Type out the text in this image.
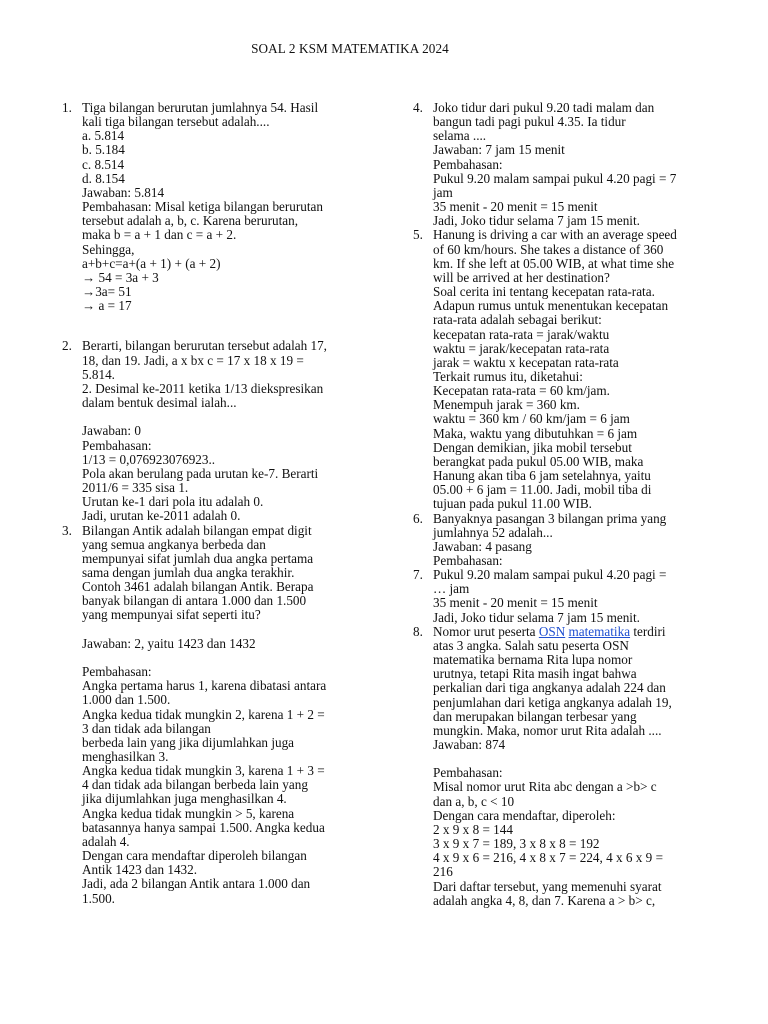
SOAL 2 KSM MATEMATIKA 2024
1. Tiga bilangan berurutan jumlahnya 54. Hasil
kali tiga bilangan tersebut adalah....
a. 5.814
b. 5.184
c. 8.514
d. 8.154
Jawaban: 5.814
Pembahasan: Misal ketiga bilangan berurutan
tersebut adalah a, b, c. Karena berurutan,
maka b = a + 1 dan c = a + 2.
Sehingga,
a+b+c=a+(a + 1) + (a + 2)
→ 54 = 3a + 3
→3a= 51
→ a = 17
2. Berarti, bilangan berurutan tersebut adalah 17,
18, dan 19. Jadi, a x bx c = 17 x 18 x 19 =
5.814.
2. Desimal ke-2011 ketika 1/13 diekspresikan
dalam bentuk desimal ialah...
Jawaban: 0
Pembahasan:
1/13 = 0,076923076923..
Pola akan berulang pada urutan ke-7. Berarti
2011/6 = 335 sisa 1.
Urutan ke-1 dari pola itu adalah 0.
Jadi, urutan ke-2011 adalah 0.
3. Bilangan Antik adalah bilangan empat digit
yang semua angkanya berbeda dan
mempunyai sifat jumlah dua angka pertama
sama dengan jumlah dua angka terakhir.
Contoh 3461 adalah bilangan Antik. Berapa
banyak bilangan di antara 1.000 dan 1.500
yang mempunyai sifat seperti itu?
Jawaban: 2, yaitu 1423 dan 1432
Pembahasan:
Angka pertama harus 1, karena dibatasi antara
1.000 dan 1.500.
Angka kedua tidak mungkin 2, karena 1 + 2 =
3 dan tidak ada bilangan
berbeda lain yang jika dijumlahkan juga
menghasilkan 3.
Angka kedua tidak mungkin 3, karena 1 + 3 =
4 dan tidak ada bilangan berbeda lain yang
jika dijumlahkan juga menghasilkan 4.
Angka kedua tidak mungkin > 5, karena
batasannya hanya sampai 1.500. Angka kedua
adalah 4.
Dengan cara mendaftar diperoleh bilangan
Antik 1423 dan 1432.
Jadi, ada 2 bilangan Antik antara 1.000 dan
1.500.
4. Joko tidur dari pukul 9.20 tadi malam dan
bangun tadi pagi pukul 4.35. Ia tidur
selama ....
Jawaban: 7 jam 15 menit
Pembahasan:
Pukul 9.20 malam sampai pukul 4.20 pagi = 7
jam
35 menit - 20 menit = 15 menit
Jadi, Joko tidur selama 7 jam 15 menit.
5. Hanung is driving a car with an average speed
of 60 km/hours. She takes a distance of 360
km. If she left at 05.00 WIB, at what time she
will be arrived at her destination?
Soal cerita ini tentang kecepatan rata-rata.
Adapun rumus untuk menentukan kecepatan
rata-rata adalah sebagai berikut:
kecepatan rata-rata = jarak/waktu
waktu = jarak/kecepatan rata-rata
jarak = waktu x kecepatan rata-rata
Terkait rumus itu, diketahui:
Kecepatan rata-rata = 60 km/jam.
Menempuh jarak = 360 km.
waktu = 360 km / 60 km/jam = 6 jam
Maka, waktu yang dibutuhkan = 6 jam
Dengan demikian, jika mobil tersebut
berangkat pada pukul 05.00 WIB, maka
Hanung akan tiba 6 jam setelahnya, yaitu
05.00 + 6 jam = 11.00. Jadi, mobil tiba di
tujuan pada pukul 11.00 WIB.
6. Banyaknya pasangan 3 bilangan prima yang
jumlahnya 52 adalah...
Jawaban: 4 pasang
Pembahasan:
7. Pukul 9.20 malam sampai pukul 4.20 pagi =
… jam
35 menit - 20 menit = 15 menit
Jadi, Joko tidur selama 7 jam 15 menit.
8. Nomor urut peserta OSN matematika terdiri
atas 3 angka. Salah satu peserta OSN
matematika bernama Rita lupa nomor
urutnya, tetapi Rita masih ingat bahwa
perkalian dari tiga angkanya adalah 224 dan
penjumlahan dari ketiga angkanya adalah 19,
dan merupakan bilangan terbesar yang
mungkin. Maka, nomor urut Rita adalah ....
Jawaban: 874
Pembahasan:
Misal nomor urut Rita abc dengan a >b> c
dan a, b, c < 10
Dengan cara mendaftar, diperoleh:
2 x 9 x 8 = 144
3 x 9 x 7 = 189, 3 x 8 x 8 = 192
4 x 9 x 6 = 216, 4 x 8 x 7 = 224, 4 x 6 x 9 =
216
Dari daftar tersebut, yang memenuhi syarat
adalah angka 4, 8, dan 7. Karena a > b> c,
